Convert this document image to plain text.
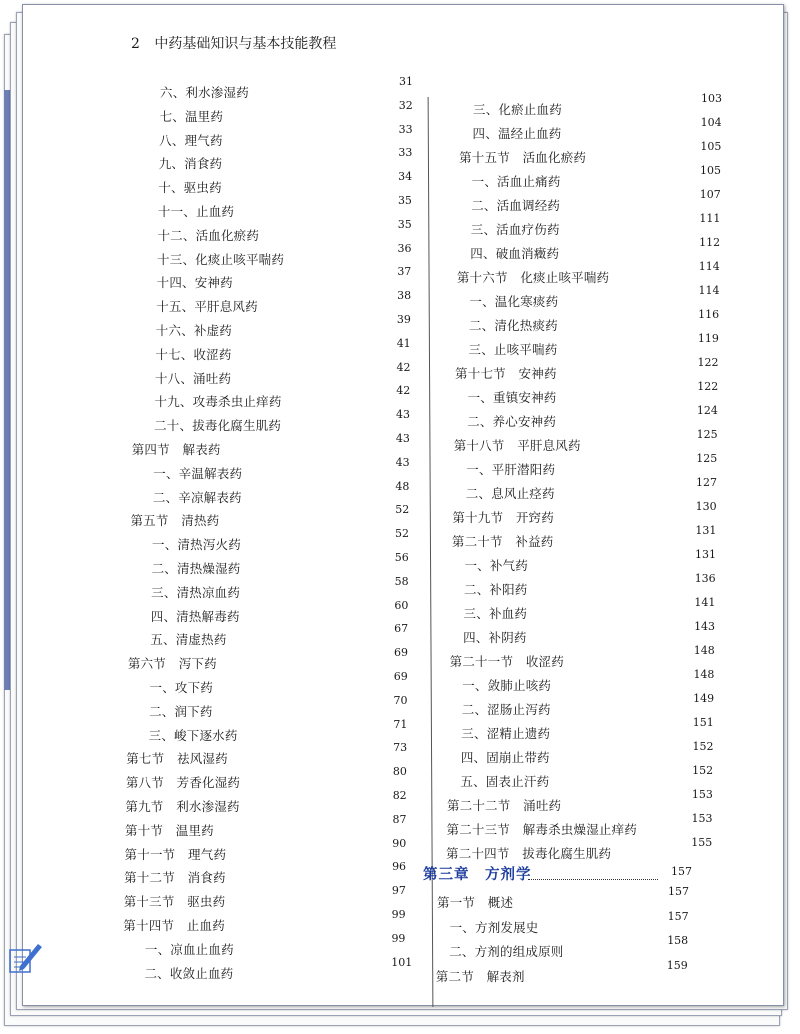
2 中药基础知识与基本技能教程
六、利水渗湿药
31
七、温里药
32
八、理气药
33
九、消食药
33
十、驱虫药
34
十一、止血药
35
十二、活血化瘀药
35
十三、化痰止咳平喘药
36
十四、安神药
37
十五、平肝息风药
38
十六、补虚药
39
十七、收涩药
41
十八、涌吐药
42
十九、攻毒杀虫止痒药
42
二十、拔毒化腐生肌药
43
第四节　解表药
43
一、辛温解表药
43
二、辛凉解表药
48
第五节　清热药
52
一、清热泻火药
52
二、清热燥湿药
56
三、清热凉血药
58
四、清热解毒药
60
五、清虚热药
67
第六节　泻下药
69
一、攻下药
69
二、润下药
70
三、峻下逐水药
71
第七节　祛风湿药
73
第八节　芳香化湿药
80
第九节　利水渗湿药
82
第十节　温里药
87
第十一节　理气药
90
第十二节　消食药
96
第十三节　驱虫药
97
第十四节　止血药
99
一、凉血止血药
99
二、收敛止血药
101
三、化瘀止血药
103
四、温经止血药
104
第十五节　活血化瘀药
105
一、活血止痛药
105
二、活血调经药
107
三、活血疗伤药
111
四、破血消癥药
112
第十六节　化痰止咳平喘药
114
一、温化寒痰药
114
二、清化热痰药
116
三、止咳平喘药
119
第十七节　安神药
122
一、重镇安神药
122
二、养心安神药
124
第十八节　平肝息风药
125
一、平肝潜阳药
125
二、息风止痉药
127
第十九节　开窍药
130
第二十节　补益药
131
一、补气药
131
二、补阳药
136
三、补血药
141
四、补阴药
143
第二十一节　收涩药
148
一、敛肺止咳药
148
二、涩肠止泻药
149
三、涩精止遗药
151
四、固崩止带药
152
五、固表止汗药
152
第二十二节　涌吐药
153
第二十三节　解毒杀虫燥湿止痒药
153
第二十四节　拔毒化腐生肌药
155
第一节　概述
157
一、方剂发展史
157
二、方剂的组成原则
158
第二节　解表剂
159
第三章　方剂学	157
